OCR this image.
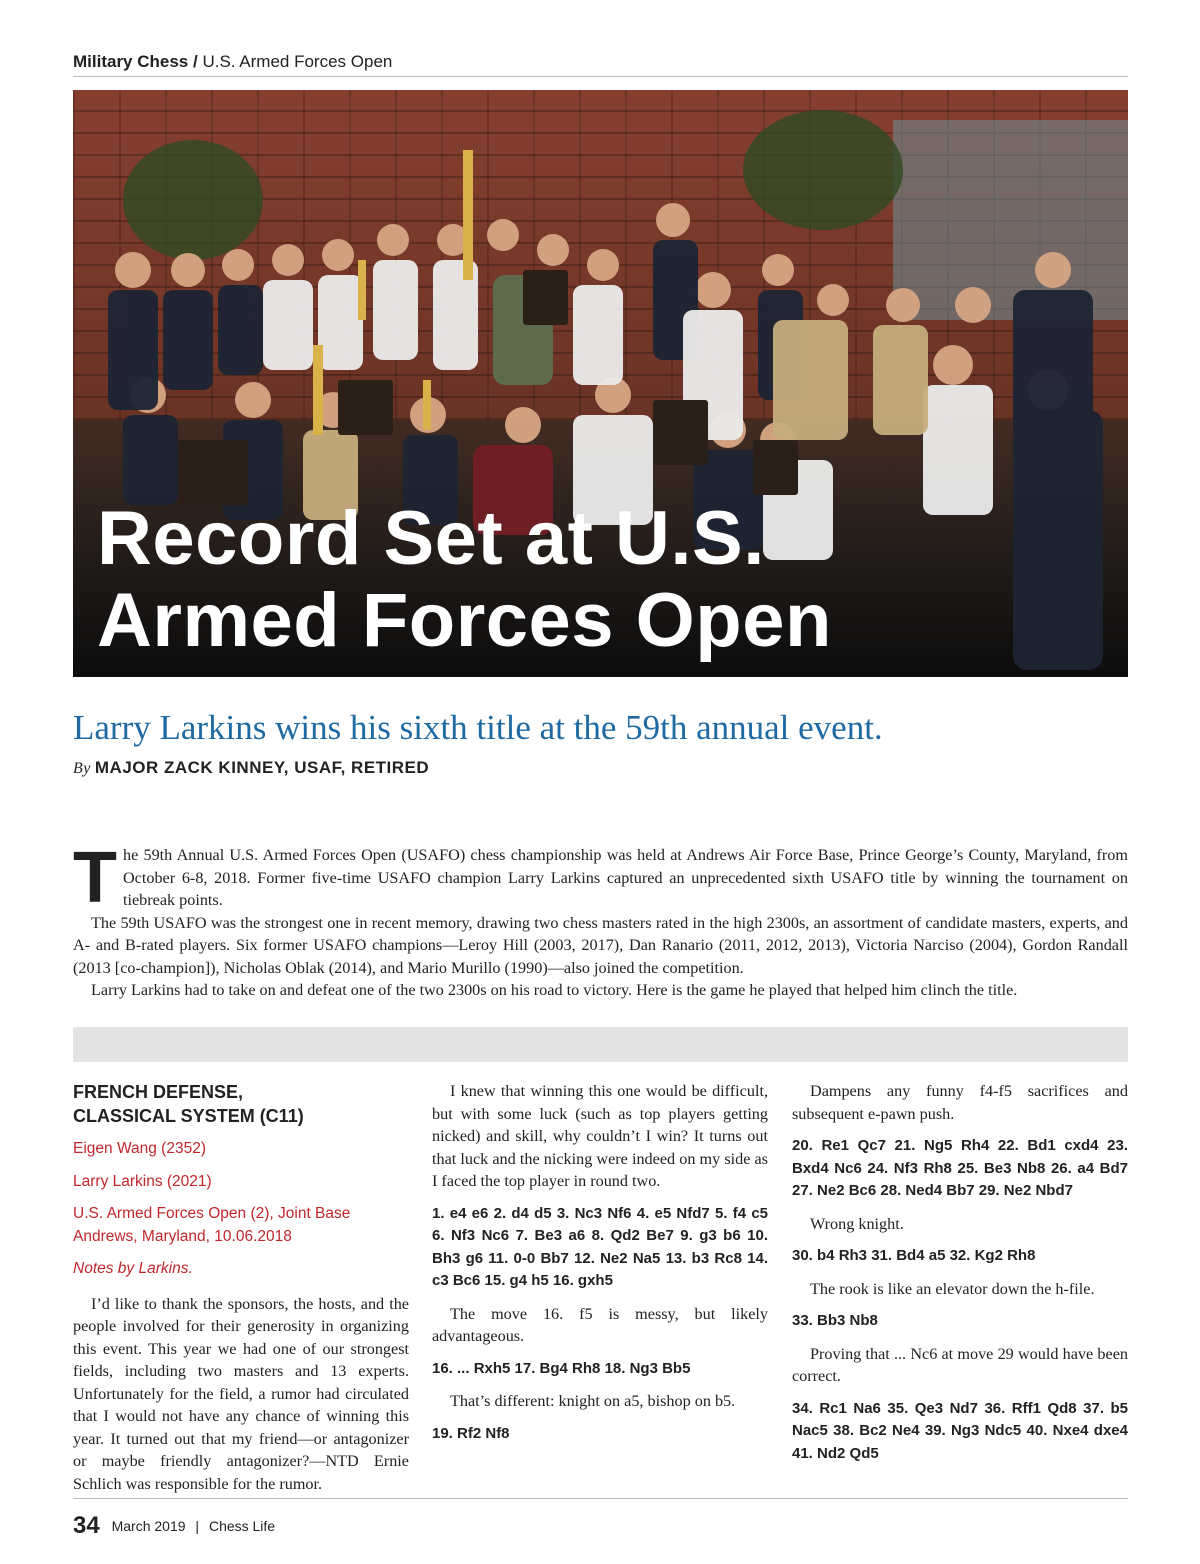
Military Chess / U.S. Armed Forces Open
Record Set at U.S.
Armed Forces Open
Larry Larkins wins his sixth title at the 59th annual event.
By MAJOR ZACK KINNEY, USAF, RETIRED

The 59th Annual U.S. Armed Forces Open (USAFO) chess championship was held at Andrews Air Force Base, Prince George’s County, Maryland, from October 6-8, 2018. Former five-time USAFO champion Larry Larkins captured an unprecedented sixth USAFO title by winning the tournament on tiebreak points.

The 59th USAFO was the strongest one in recent memory, drawing two chess masters rated in the high 2300s, an assortment of candidate masters, experts, and A- and B-rated players. Six former USAFO champions—Leroy Hill (2003, 2017), Dan Ranario (2011, 2012, 2013), Victoria Narciso (2004), Gordon Randall (2013 [co-champion]), Nicholas Oblak (2014), and Mario Murillo (1990)—also joined the competition.

Larry Larkins had to take on and defeat one of the two 2300s on his road to victory. Here is the game he played that helped him clinch the title.

FRENCH DEFENSE,
CLASSICAL SYSTEM (C11)

Eigen Wang (2352)

Larry Larkins (2021)

U.S. Armed Forces Open (2), Joint Base Andrews, Maryland, 10.06.2018

Notes by Larkins.

I’d like to thank the sponsors, the hosts, and the people involved for their generosity in organizing this event. This year we had one of our strongest fields, including two masters and 13 experts. Unfortunately for the field, a rumor had circulated that I would not have any chance of winning this year. It turned out that my friend—or antagonizer or maybe friendly antagonizer?—NTD Ernie Schlich was responsible for the rumor.

I knew that winning this one would be difficult, but with some luck (such as top players getting nicked) and skill, why couldn’t I win? It turns out that luck and the nicking were indeed on my side as I faced the top player in round two.

1. e4 e6 2. d4 d5 3. Nc3 Nf6 4. e5 Nfd7 5. f4 c5 6. Nf3 Nc6 7. Be3 a6 8. Qd2 Be7 9. g3 b6 10. Bh3 g6 11. 0-0 Bb7 12. Ne2 Na5 13. b3 Rc8 14. c3 Bc6 15. g4 h5 16. gxh5

The move 16. f5 is messy, but likely advantageous.

16. ... Rxh5 17. Bg4 Rh8 18. Ng3 Bb5

That’s different: knight on a5, bishop on b5.

19. Rf2 Nf8

Dampens any funny f4-f5 sacrifices and subsequent e-pawn push.

20. Re1 Qc7 21. Ng5 Rh4 22. Bd1 cxd4 23. Bxd4 Nc6 24. Nf3 Rh8 25. Be3 Nb8 26. a4 Bd7 27. Ne2 Bc6 28. Ned4 Bb7 29. Ne2 Nbd7

Wrong knight.

30. b4 Rh3 31. Bd4 a5 32. Kg2 Rh8

The rook is like an elevator down the h-file.

33. Bb3 Nb8

Proving that ... Nc6 at move 29 would have been correct.

34. Rc1 Na6 35. Qe3 Nd7 36. Rff1 Qd8 37. b5 Nac5 38. Bc2 Ne4 39. Ng3 Ndc5 40. Nxe4 dxe4 41. Nd2 Qd5

34 March 2019 | Chess Life
